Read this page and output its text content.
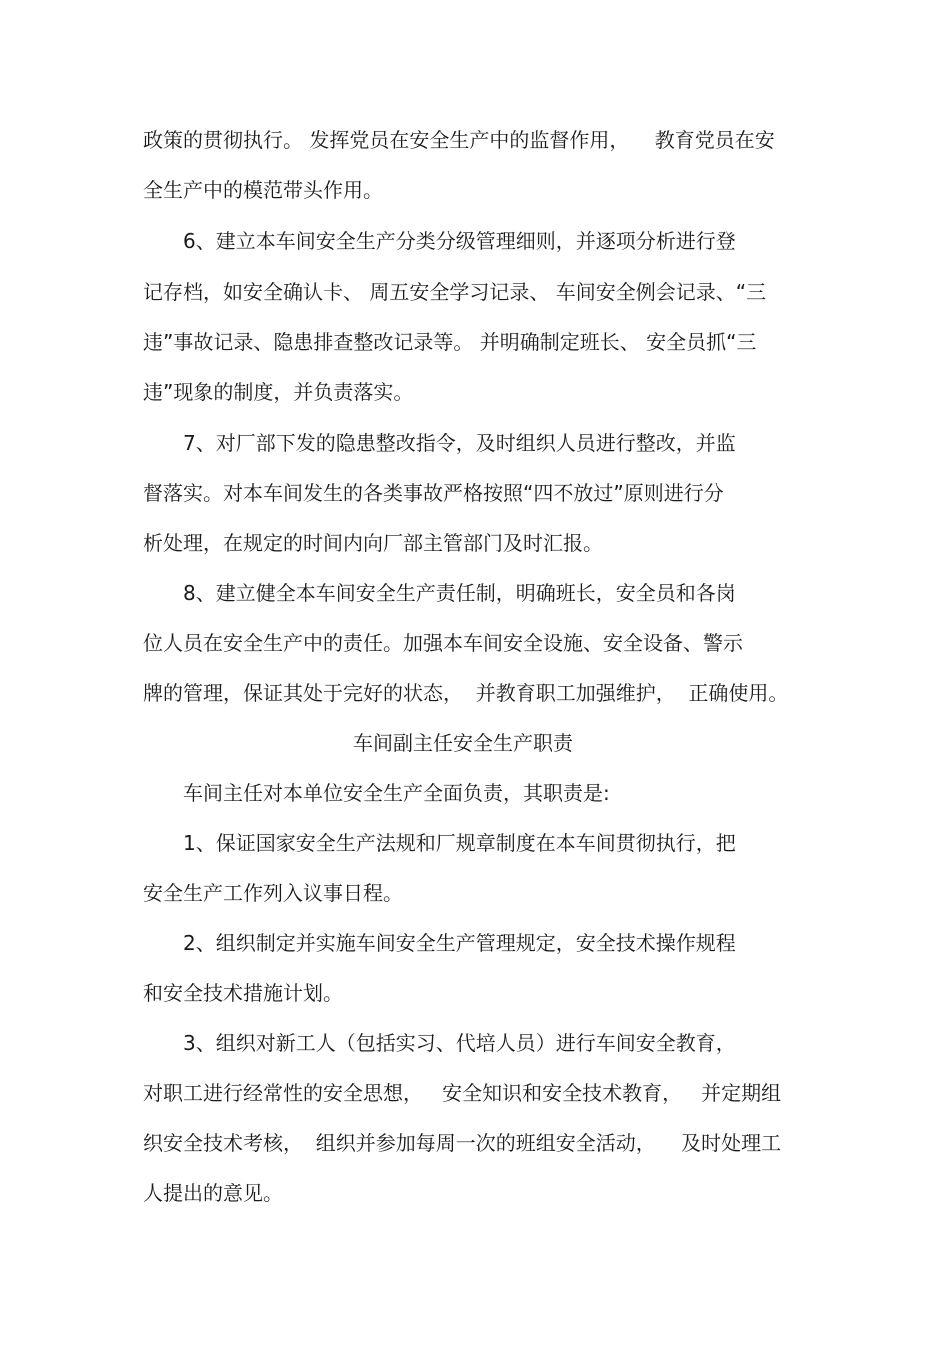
政策的贯彻执行。 发挥党员在安全生产中的监督作用，    教育党员在安
全生产中的模范带头作用。
6、建立本车间安全生产分类分级管理细则，并逐项分析进行登
记存档，如安全确认卡、 周五安全学习记录、 车间安全例会记录、“三
违”事故记录、隐患排查整改记录等。 并明确制定班长、 安全员抓“三
违”现象的制度，并负责落实。
7、对厂部下发的隐患整改指令，及时组织人员进行整改，并监
督落实。对本车间发生的各类事故严格按照“四不放过”原则进行分
析处理，在规定的时间内向厂部主管部门及时汇报。
8、建立健全本车间安全生产责任制，明确班长，安全员和各岗
位人员在安全生产中的责任。加强本车间安全设施、安全设备、警示
牌的管理，保证其处于完好的状态，  并教育职工加强维护，  正确使用。
车间副主任安全生产职责
车间主任对本单位安全生产全面负责，其职责是:
1、保证国家安全生产法规和厂规章制度在本车间贯彻执行，把
安全生产工作列入议事日程。
2、组织制定并实施车间安全生产管理规定，安全技术操作规程
和安全技术措施计划。
3、组织对新工人（包括实习、代培人员）进行车间安全教育，
对职工进行经常性的安全思想，   安全知识和安全技术教育，   并定期组
织安全技术考核，  组织并参加每周一次的班组安全活动，    及时处理工
人提出的意见。
